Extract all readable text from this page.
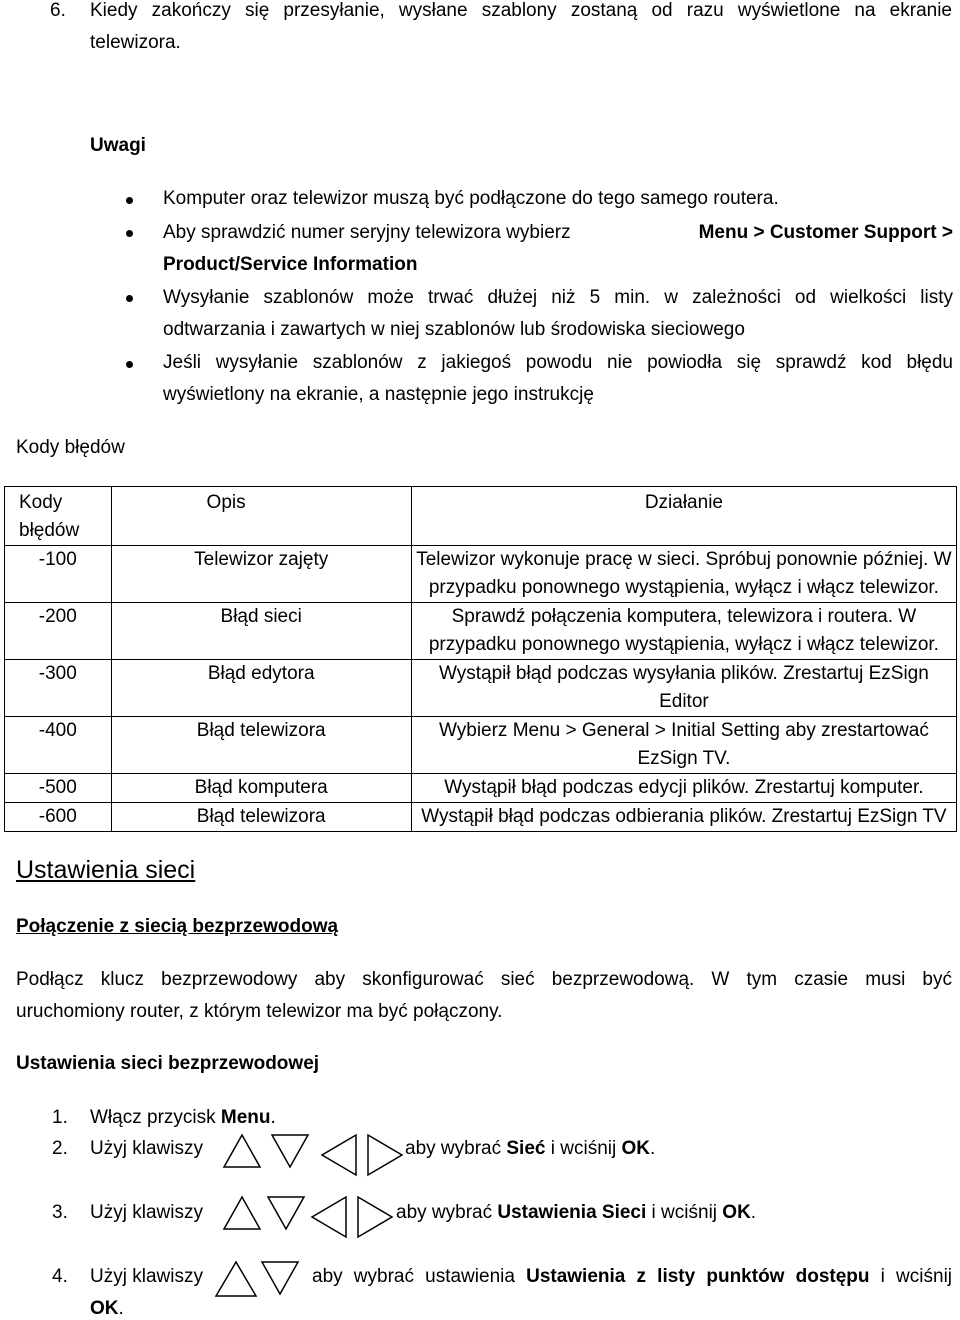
6. Kiedy zakończy się przesyłanie, wysłane szablony zostaną od razu wyświetlone na ekranie
telewizora.
Uwagi
Komputer oraz telewizor muszą być podłączone do tego samego routera.
Aby sprawdzić numer seryjny telewizora wybierz	Menu > Customer Support >
Product/Service Information
Wysyłanie szablonów może trwać dłużej niż 5 min. w zależności od wielkości listy
odtwarzania i zawartych w niej szablonów lub środowiska sieciowego
Jeśli wysyłanie szablonów z jakiegoś powodu nie powiodła się sprawdź kod błędu
wyświetlony na ekranie, a następnie jego instrukcję
Kody błędów
Kody błędów	Opis	Działanie
-100	Telewizor zajęty	Telewizor wykonuje pracę w sieci. Spróbuj ponownie później. W przypadku ponownego wystąpienia, wyłącz i włącz telewizor.
-200	Błąd sieci	Sprawdź połączenia komputera, telewizora i routera. W przypadku ponownego wystąpienia, wyłącz i włącz telewizor.
-300	Błąd edytora	Wystąpił błąd podczas wysyłania plików. Zrestartuj EzSign Editor
-400	Błąd telewizora	Wybierz Menu > General > Initial Setting aby zrestartować EzSign TV.
-500	Błąd komputera	Wystąpił błąd podczas edycji plików. Zrestartuj komputer.
-600	Błąd telewizora	Wystąpił błąd podczas odbierania plików. Zrestartuj EzSign TV
Ustawienia sieci
Połączenie z siecią bezprzewodową
Podłącz klucz bezprzewodowy aby skonfigurować sieć bezprzewodową. W tym czasie musi być
uruchomiony router, z którym telewizor ma być połączony.
Ustawienia sieci bezprzewodowej
1. Włącz przycisk Menu.
2. Użyj klawiszy	aby wybrać Sieć i wciśnij OK.
3. Użyj klawiszy	aby wybrać Ustawienia Sieci i wciśnij OK.
4. Użyj klawiszy	aby wybrać ustawienia Ustawienia z listy punktów dostępu i wciśnij
OK.
